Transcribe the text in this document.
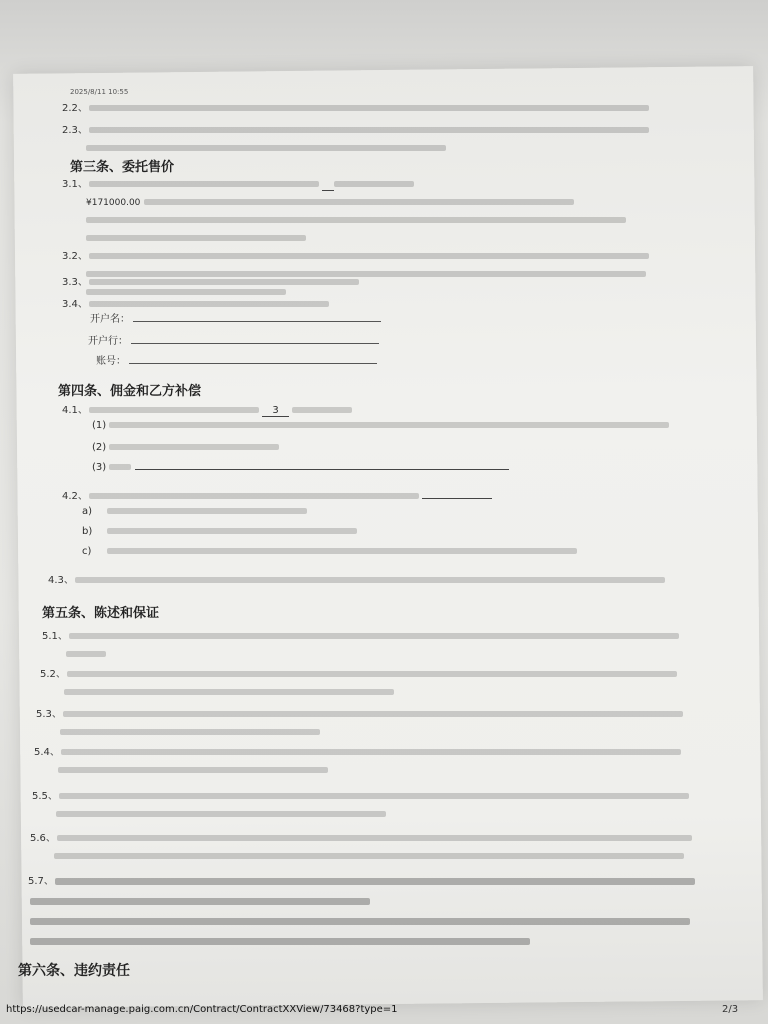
2025/8/11 10:55
2.2、
2.3、

第三条、委托售价
3.1、
¥171000.00

3.2、

3.3、
3.4、
开户名：
开户行：
账号：
第四条、佣金和乙方补偿
4.1、	3
(1)
(2)
(3)
4.2、
a)
b)
c)
4.3、
第五条、陈述和保证
5.1、

5.2、

5.3、

5.4、

5.5、

5.6、

5.7、

第六条、违约责任
https://usedcar-manage.paig.com.cn/Contract/ContractXXView/73468?type=1	2/3
